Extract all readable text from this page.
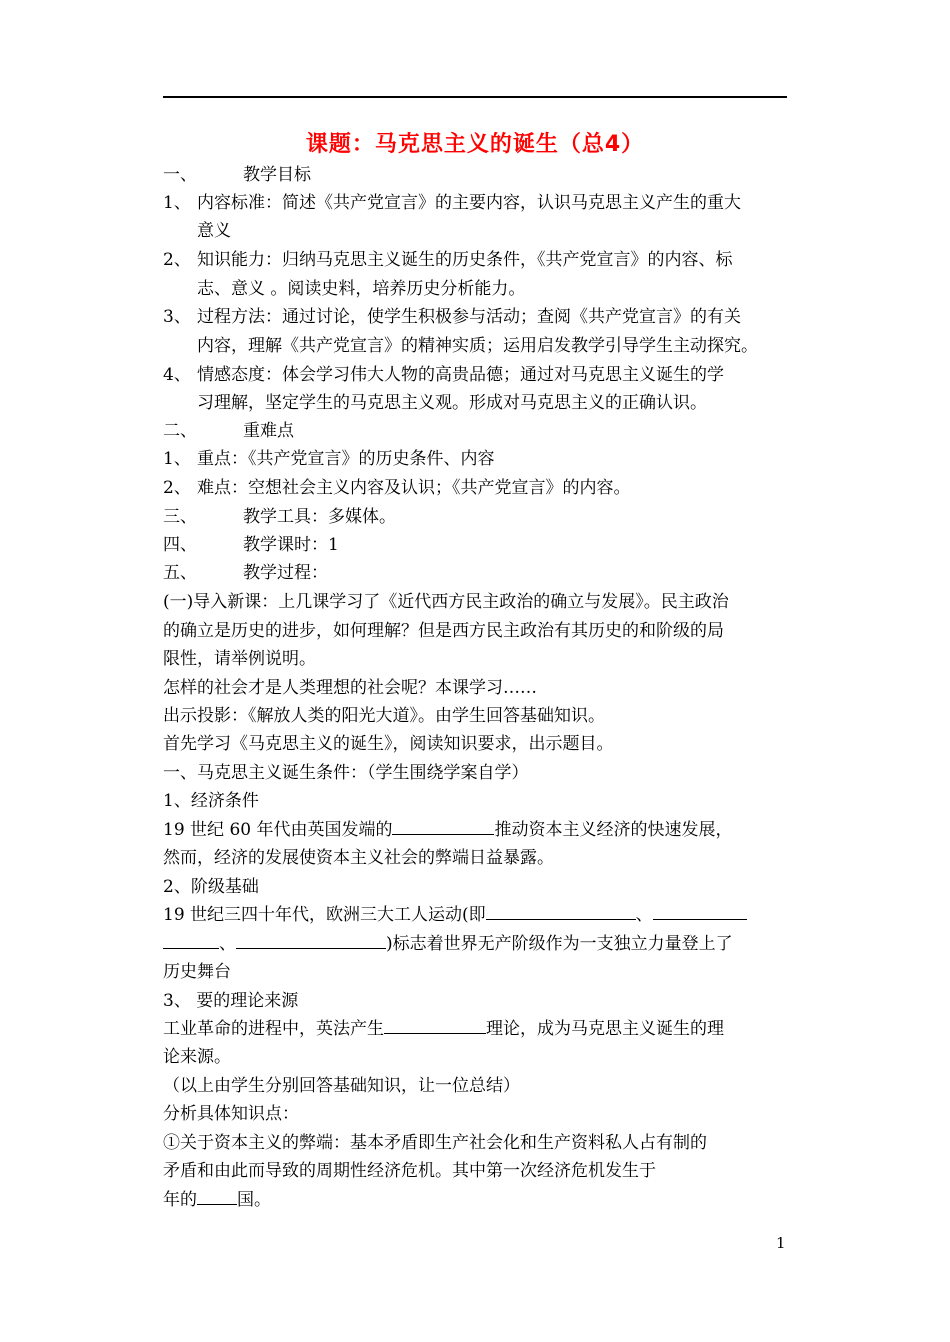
课题：马克思主义的诞生（总4）
一、	教学目标
1、 内容标准：简述《共产党宣言》的主要内容，认识马克思主义产生的重大
意义
2、 知识能力：归纳马克思主义诞生的历史条件，《共产党宣言》的内容、标
志、意义 。阅读史料，培养历史分析能力。
3、 过程方法：通过讨论，使学生积极参与活动；查阅《共产党宣言》的有关
内容，理解《共产党宣言》的精神实质；运用启发教学引导学生主动探究。
4、 情感态度：体会学习伟大人物的高贵品德；通过对马克思主义诞生的学
习理解，坚定学生的马克思主义观。形成对马克思主义的正确认识。
二、	重难点
1、 重点：《共产党宣言》的历史条件、内容
2、 难点：空想社会主义内容及认识；《共产党宣言》的内容。
三、	教学工具：多媒体。
四、	教学课时：1
五、	教学过程：
(一)导入新课：上几课学习了《近代西方民主政治的确立与发展》。民主政治
的确立是历史的进步，如何理解？但是西方民主政治有其历史的和阶级的局
限性，请举例说明。
怎样的社会才是人类理想的社会呢？本课学习……
出示投影：《解放人类的阳光大道》。由学生回答基础知识。
首先学习《马克思主义的诞生》，阅读知识要求，出示题目。
一、马克思主义诞生条件：（学生围绕学案自学）
1、经济条件
19 世纪 60 年代由英国发端的	推动资本主义经济的快速发展，
然而，经济的发展使资本主义社会的弊端日益暴露。
2、阶级基础
19 世纪三四十年代，欧洲三大工人运动(即	、
、	)标志着世界无产阶级作为一支独立力量登上了
历史舞台
3、 要的理论来源
工业革命的进程中，英法产生	理论，成为马克思主义诞生的理
论来源。
（以上由学生分别回答基础知识，让一位总结）
分析具体知识点：
①关于资本主义的弊端：基本矛盾即生产社会化和生产资料私人占有制的
矛盾和由此而导致的周期性经济危机。其中第一次经济危机发生于
年的 国。
1
